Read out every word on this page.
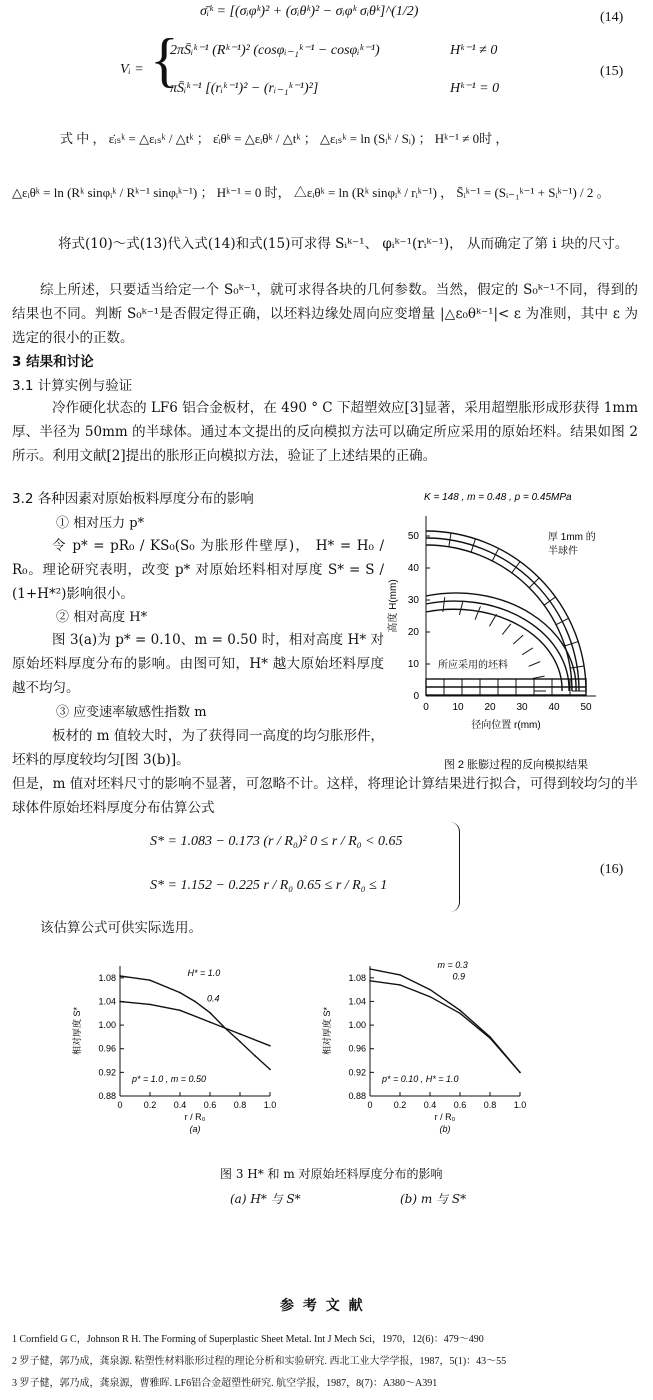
σ̄ᵢᵏ = [(σᵢφᵏ)² + (σᵢθᵏ)² − σᵢφᵏ σᵢθᵏ]^(1/2)	(14)
Vᵢ = {
2πS̄ᵢᵏ⁻¹ (Rᵏ⁻¹)² (cosφᵢ₋₁ᵏ⁻¹ − cosφᵢᵏ⁻¹)	Hᵏ⁻¹ ≠ 0
πS̄ᵢᵏ⁻¹ [(rᵢᵏ⁻¹)² − (rᵢ₋₁ᵏ⁻¹)²]	Hᵏ⁻¹ = 0
(15)
式 中 ， ε̇ᵢₛᵏ = △εᵢₛᵏ / △tᵏ ； ε̇ᵢθᵏ = △εᵢθᵏ / △tᵏ ； △εᵢₛᵏ = ln (Sᵢᵏ / Sᵢ) ； Hᵏ⁻¹ ≠ 0时 ，
△εᵢθᵏ = ln (Rᵏ sinφᵢᵏ / Rᵏ⁻¹ sinφᵢᵏ⁻¹) ； Hᵏ⁻¹ = 0 时， △εᵢθᵏ = ln (Rᵏ sinφᵢᵏ / rᵢᵏ⁻¹) ， S̄ᵢᵏ⁻¹ = (Sᵢ₋₁ᵏ⁻¹ + Sᵢᵏ⁻¹) / 2 。
将式(10)～式(13)代入式(14)和式(15)可求得 Sᵢᵏ⁻¹、 φᵢᵏ⁻¹(rᵢᵏ⁻¹)， 从而确定了第 i 块的尺寸。
综上所述，只要适当给定一个 S₀ᵏ⁻¹，就可求得各块的几何参数。当然，假定的 S₀ᵏ⁻¹不同，得到的结果也不同。判断 S₀ᵏ⁻¹是否假定得正确，以坯料边缘处周向应变增量 |△ε₀θᵏ⁻¹|< ε 为准则，其中 ε 为选定的很小的正数。
3 结果和讨论
3.1 计算实例与验证
冷作硬化状态的 LF6 铝合金板材，在 490 ° C 下超塑效应[3]显著，采用超塑胀形成形获得 1mm 厚、半径为 50mm 的半球体。通过本文提出的反向模拟方法可以确定所应采用的原始坯料。结果如图 2 所示。利用文献[2]提出的胀形正向模拟方法，验证了上述结果的正确。
3.2 各种因素对原始板料厚度分布的影响
① 相对压力 p*
令 p* = pR₀ / KS₀(S₀ 为胀形件壁厚)， H* = H₀ / R₀。理论研究表明，改变 p* 对原始坯料相对厚度 S* = S / (1+H*²)影响很小。
② 相对高度 H*
图 3(a)为 p* = 0.10、m = 0.50 时，相对高度 H* 对原始坯料厚度分布的影响。由图可知，H* 越大原始坯料厚度越不均匀。
③ 应变速率敏感性指数 m
板材的 m 值较大时，为了获得同一高度的均匀胀形件，坯料的厚度较均匀[图 3(b)]。
但是，m 值对坯料尺寸的影响不显著，可忽略不计。这样，将理论计算结果进行拟合，可得到较均匀的半球体件原始坯料厚度分布估算公式
K = 148 , m = 0.48 , p = 0.45MPa
0
10
20
30
40
50
0 10 20 30 40 50
厚 1mm 的
半球件
所应采用的坯料
高度 H(mm)
径向位置 r(mm)
图 2 胀膨过程的反向模拟结果
S* = 1.083 − 0.173 (r / R₀)² 0 ≤ r / R₀ < 0.65
S* = 1.152 − 0.225 r / R₀ 0.65 ≤ r / R₀ ≤ 1
(16)
该估算公式可供实际选用。
0.88
0.92
0.96
1.00
1.04
1.08
0 0.2 0.4 0.6 0.8 1.0
相对厚度 S*
r / R₀
(a)
p* = 1.0 , m = 0.50
H* = 1.0
0.4
0.88
0.92
0.96
1.00
1.04
1.08
0 0.2 0.4 0.6 0.8 1.0
相对厚度 S*
r / R₀
(b)
p* = 0.10 , H* = 1.0
m = 0.3
0.9
图 3 H* 和 m 对原始坯料厚度分布的影响
(a) H* 与 S*	(b) m 与 S*
参 考 文 献
1 Cornfield G C，Johnson R H. The Forming of Superplastic Sheet Metal. Int J Mech Sci，1970，12(6)：479～490
2 罗子健，郭乃成，龚泉源. 粘塑性材料胀形过程的理论分析和实验研究. 西北工业大学学报，1987，5(1)：43～55
3 罗子健，郭乃成，龚泉源，曹雅晖. LF6铝合金超塑性研究. 航空学报，1987，8(7)：A380～A391
